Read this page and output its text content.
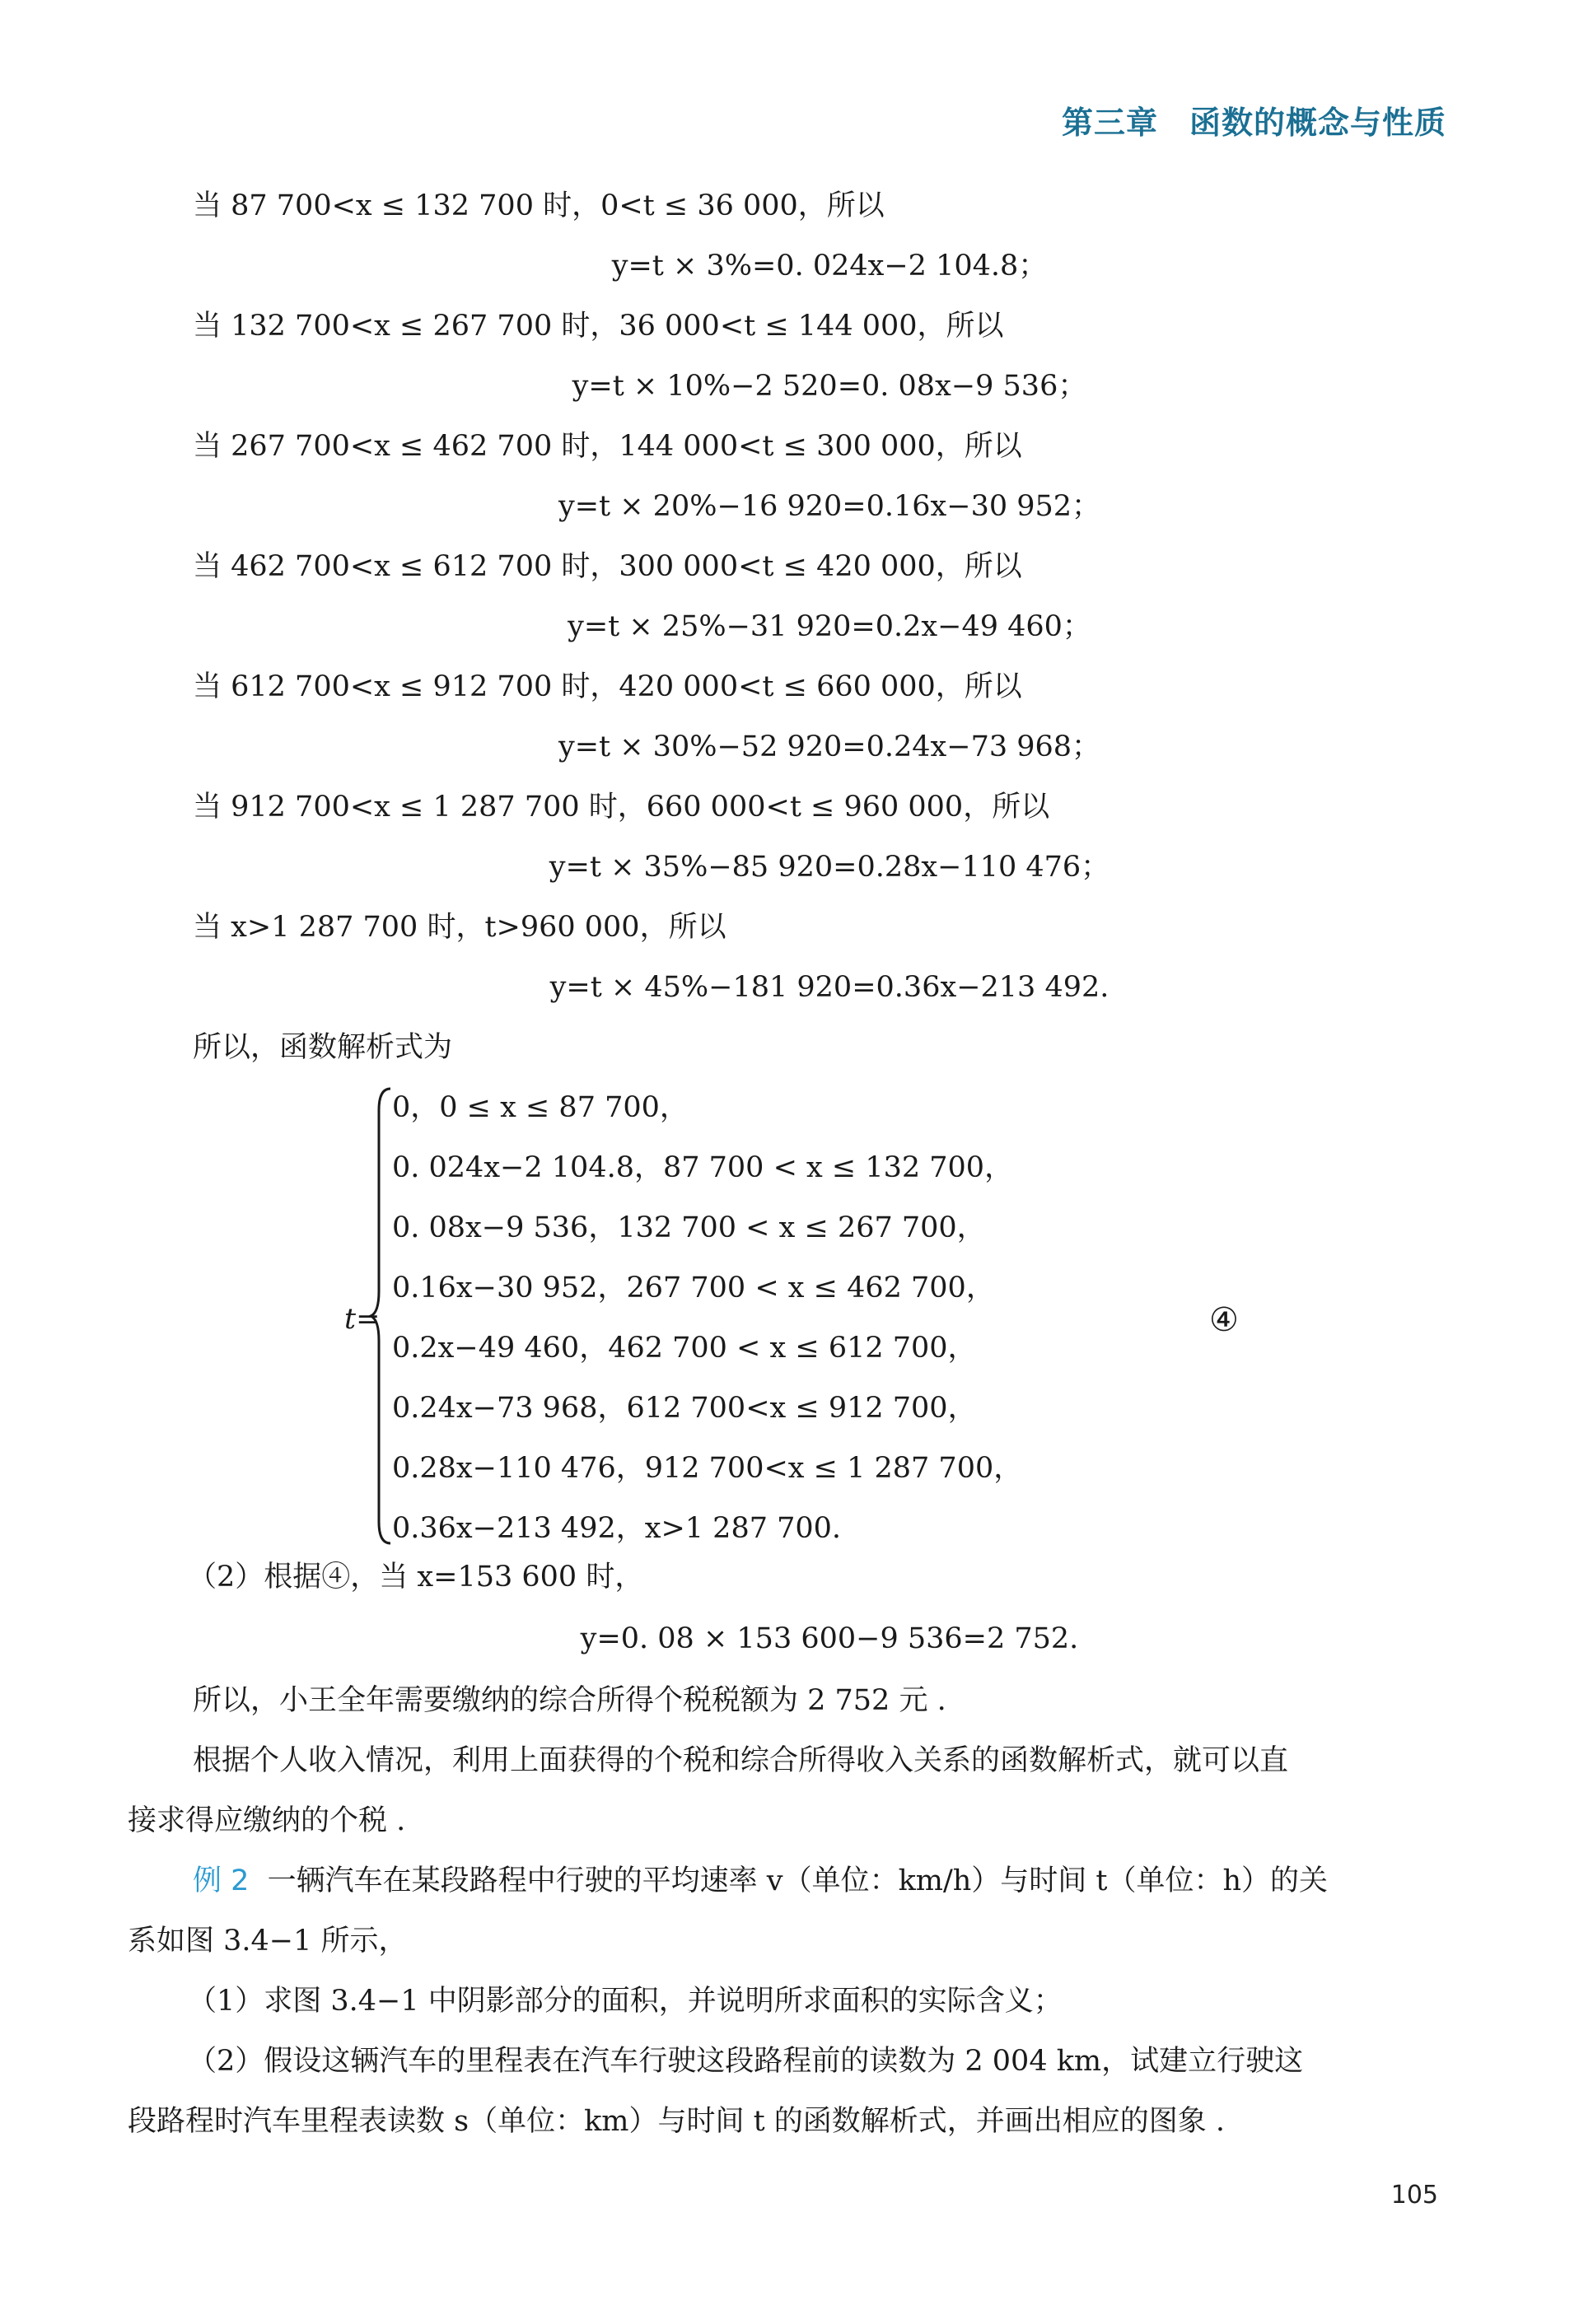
第三章 函数的概念与性质
当 87 700<x ≤ 132 700 时，0<t ≤ 36 000，所以
y=t × 3%=0. 024x−2 104.8；
当 132 700<x ≤ 267 700 时，36 000<t ≤ 144 000，所以
y=t × 10%−2 520=0. 08x−9 536；
当 267 700<x ≤ 462 700 时，144 000<t ≤ 300 000，所以
y=t × 20%−16 920=0.16x−30 952；
当 462 700<x ≤ 612 700 时，300 000<t ≤ 420 000，所以
y=t × 25%−31 920=0.2x−49 460；
当 612 700<x ≤ 912 700 时，420 000<t ≤ 660 000，所以
y=t × 30%−52 920=0.24x−73 968；
当 912 700<x ≤ 1 287 700 时，660 000<t ≤ 960 000，所以
y=t × 35%−85 920=0.28x−110 476；
当 x>1 287 700 时，t>960 000，所以
y=t × 45%−181 920=0.36x−213 492.
所以，函数解析式为
t=
0，0 ≤ x ≤ 87 700，
0. 024x−2 104.8，87 700 < x ≤ 132 700，
0. 08x−9 536，132 700 < x ≤ 267 700，
0.16x−30 952，267 700 < x ≤ 462 700，
0.2x−49 460，462 700 < x ≤ 612 700，
0.24x−73 968，612 700<x ≤ 912 700，
0.28x−110 476，912 700<x ≤ 1 287 700，
0.36x−213 492，x>1 287 700.
④
（2）根据④，当 x=153 600 时，
y=0. 08 × 153 600−9 536=2 752.
所以，小王全年需要缴纳的综合所得个税税额为 2 752 元 .
根据个人收入情况，利用上面获得的个税和综合所得收入关系的函数解析式，就可以直
接求得应缴纳的个税 .
例 2 一辆汽车在某段路程中行驶的平均速率 v（单位：km/h）与时间 t（单位：h）的关
系如图 3.4−1 所示，
（1）求图 3.4−1 中阴影部分的面积，并说明所求面积的实际含义；
（2）假设这辆汽车的里程表在汽车行驶这段路程前的读数为 2 004 km，试建立行驶这
段路程时汽车里程表读数 s（单位：km）与时间 t 的函数解析式，并画出相应的图象 .
105
